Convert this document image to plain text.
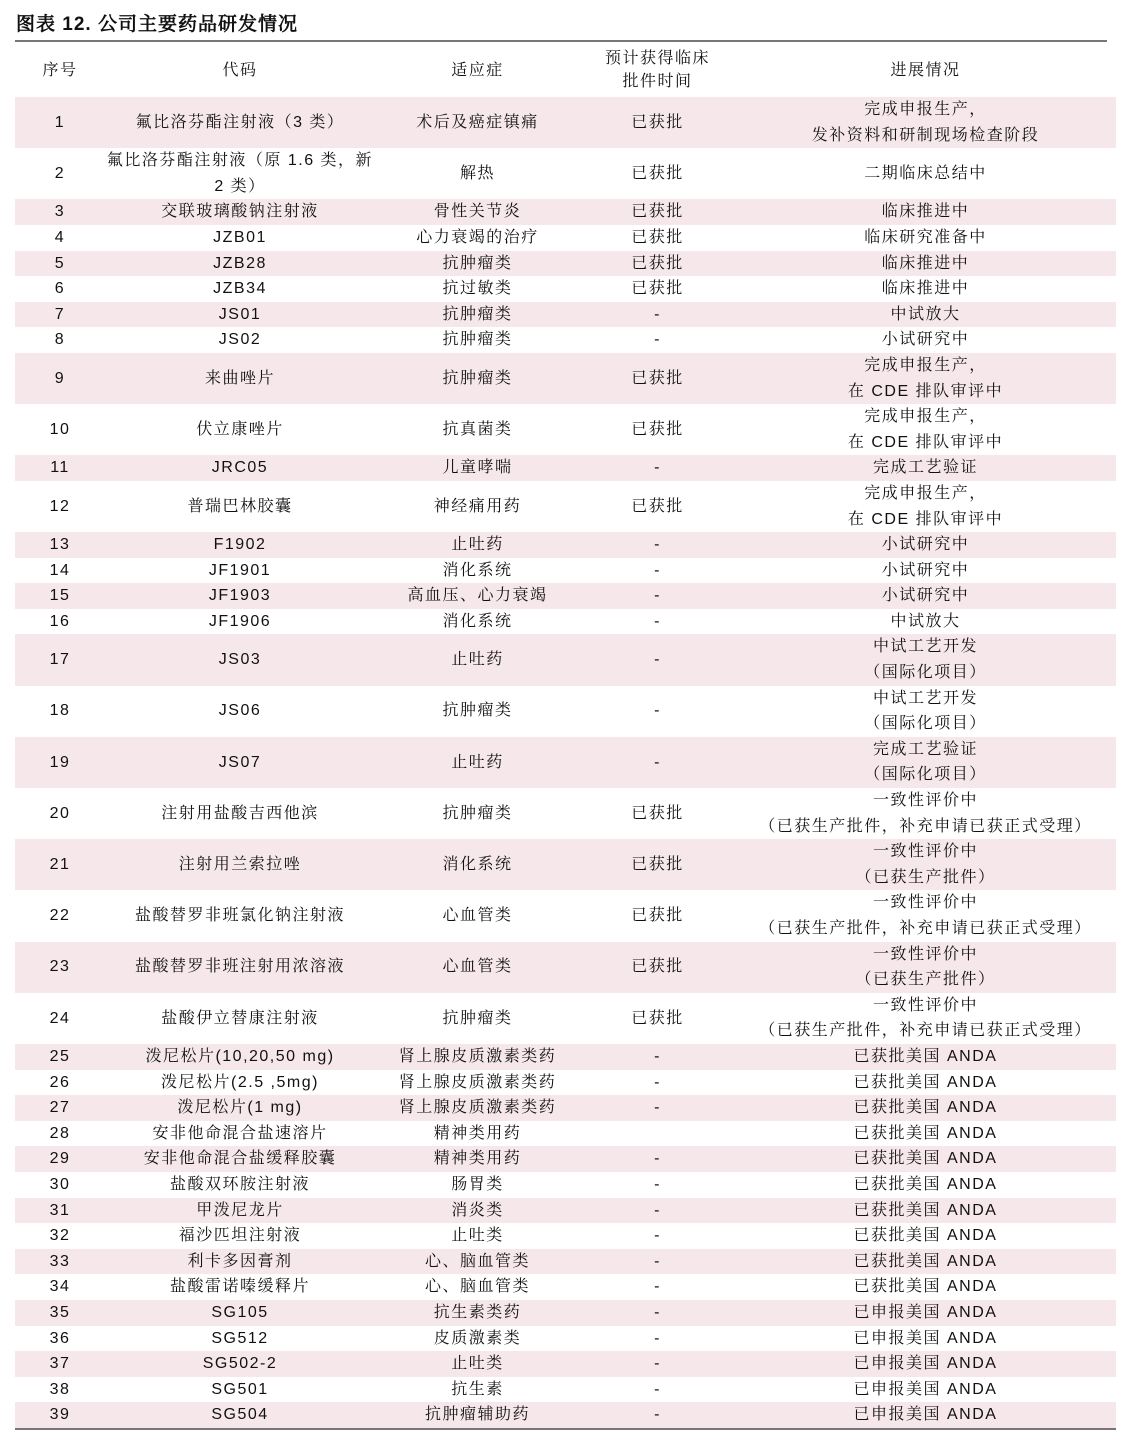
图表 12. 公司主要药品研发情况
序号	代码	适应症	预计获得临床
批件时间	进展情况
1	氟比洛芬酯注射液（3 类）	术后及癌症镇痛	已获批	完成申报生产，
发补资料和研制现场检查阶段
2	氟比洛芬酯注射液（原 1.6 类，新
2 类）	解热	已获批	二期临床总结中
3	交联玻璃酸钠注射液	骨性关节炎	已获批	临床推进中
4	JZB01	心力衰竭的治疗	已获批	临床研究准备中
5	JZB28	抗肿瘤类	已获批	临床推进中
6	JZB34	抗过敏类	已获批	临床推进中
7	JS01	抗肿瘤类	-	中试放大
8	JS02	抗肿瘤类	-	小试研究中
9	来曲唑片	抗肿瘤类	已获批	完成申报生产，
在 CDE 排队审评中
10	伏立康唑片	抗真菌类	已获批	完成申报生产，
在 CDE 排队审评中
11	JRC05	儿童哮喘	-	完成工艺验证
12	普瑞巴林胶囊	神经痛用药	已获批	完成申报生产，
在 CDE 排队审评中
13	F1902	止吐药	-	小试研究中
14	JF1901	消化系统	-	小试研究中
15	JF1903	高血压、心力衰竭	-	小试研究中
16	JF1906	消化系统	-	中试放大
17	JS03	止吐药	-	中试工艺开发
（国际化项目）
18	JS06	抗肿瘤类	-	中试工艺开发
（国际化项目）
19	JS07	止吐药	-	完成工艺验证
（国际化项目）
20	注射用盐酸吉西他滨	抗肿瘤类	已获批	一致性评价中
（已获生产批件，补充申请已获正式受理）
21	注射用兰索拉唑	消化系统	已获批	一致性评价中
（已获生产批件）
22	盐酸替罗非班氯化钠注射液	心血管类	已获批	一致性评价中
（已获生产批件，补充申请已获正式受理）
23	盐酸替罗非班注射用浓溶液	心血管类	已获批	一致性评价中
（已获生产批件）
24	盐酸伊立替康注射液	抗肿瘤类	已获批	一致性评价中
（已获生产批件，补充申请已获正式受理）
25	泼尼松片(10,20,50 mg)	肾上腺皮质激素类药	-	已获批美国 ANDA
26	泼尼松片(2.5 ,5mg)	肾上腺皮质激素类药	-	已获批美国 ANDA
27	泼尼松片(1 mg)	肾上腺皮质激素类药	-	已获批美国 ANDA
28	安非他命混合盐速溶片	精神类用药		已获批美国 ANDA
29	安非他命混合盐缓释胶囊	精神类用药	-	已获批美国 ANDA
30	盐酸双环胺注射液	肠胃类	-	已获批美国 ANDA
31	甲泼尼龙片	消炎类	-	已获批美国 ANDA
32	福沙匹坦注射液	止吐类	-	已获批美国 ANDA
33	利卡多因膏剂	心、脑血管类	-	已获批美国 ANDA
34	盐酸雷诺嗪缓释片	心、脑血管类	-	已获批美国 ANDA
35	SG105	抗生素类药	-	已申报美国 ANDA
36	SG512	皮质激素类	-	已申报美国 ANDA
37	SG502-2	止吐类	-	已申报美国 ANDA
38	SG501	抗生素	-	已申报美国 ANDA
39	SG504	抗肿瘤辅助药	-	已申报美国 ANDA
